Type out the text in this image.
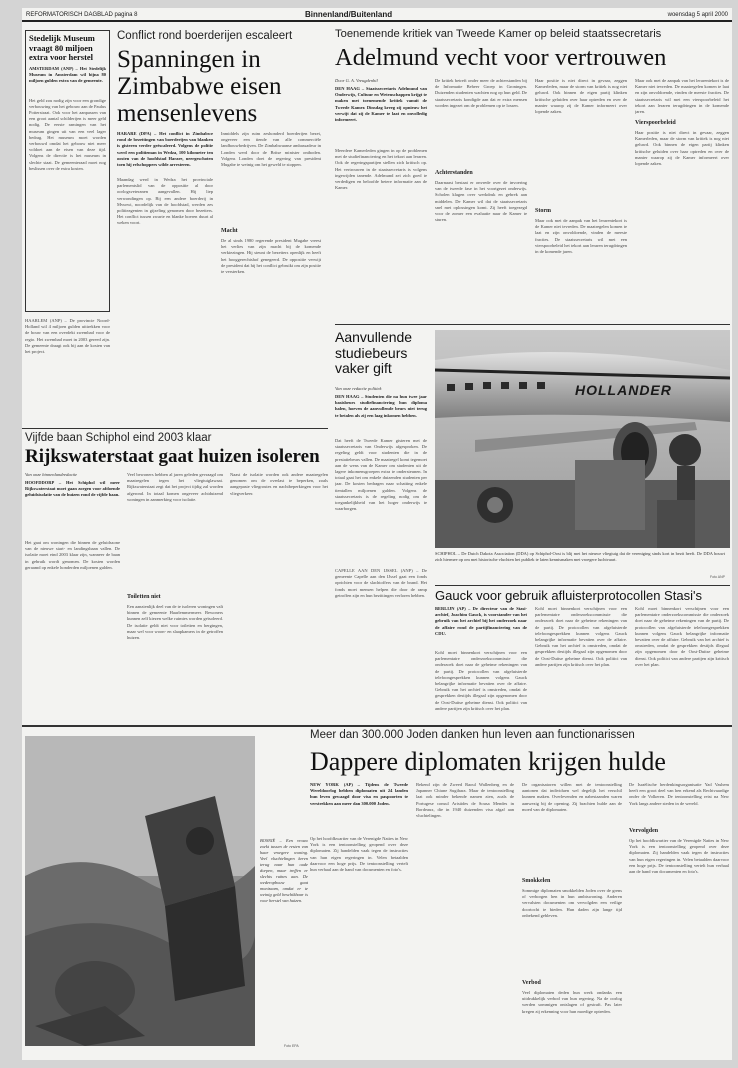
REFORMATORISCH DAGBLAD pagina 8	Binnenland/Buitenland	woensdag 5 april 2000
Stedelijk Museum vraagt 80 miljoen extra voor herstel
AMSTERDAM (ANP) – Het Stedelijk Museum in Amsterdam wil bijna 80 miljoen gulden extra van de gemeente.
Het geld zou nodig zijn voor een grondige verbouwing van het gebouw aan de Paulus Potterstraat. Ook voor het aanpassen van een groot aantal schilderijen is meer geld nodig. De eerste ramingen van het museum gingen uit van een veel lager bedrag. Het museum moet worden verbouwd omdat het gebouw niet meer voldoet aan de eisen van deze tijd. Volgens de directie is het museum in slechte staat. De gemeenteraad moet nog beslissen over de extra kosten.
HAARLEM (ANP) – De provincie Noord-Holland wil 4 miljoen gulden uittrekken voor de bouw van een overdekt zwembad voor de regio. Het zwembad moet in 2003 gereed zijn. De gemeente draagt ook bij aan de kosten van het project.
Conflict rond boerderijen escaleert
Spanningen in Zimbabwe eisen mensenlevens
HARARE (DPA) – Het conflict in Zimbabwe rond de bezettingen van boerderijen van blanken is gisteren verder geëscaleerd. Volgens de politie werd een politieman in Wedza, 100 kilometer ten oosten van de hoofdstad Harare, neergeschoten toen hij relschoppers wilde arresteren.
Maandag werd in Wedza het provinciale parlementslid van de oppositie al door oorlogsveteranen aangevallen. Hij liep verwondingen op. Bij een andere boerderij in Mvurwi, noordelijk van de hoofdstad, werden zes politieagenten in gijzeling genomen door bezetters. Het conflict tussen zwarte en blanke boeren duurt al weken voort.
Inmiddels zijn ruim zeshonderd boerderijen bezet, ongeveer een tiende van alle commerciële landbouwbedrijven. De Zimbabwaanse ambassadeur in Londen werd door de Britse minister ontboden. Volgens Londen doet de regering van president Mugabe te weinig om het geweld te stoppen.
Macht
De al sinds 1980 regerende president Mugabe vreest het verlies van zijn macht bij de komende verkiezingen. Hij steunt de bezetters openlijk en heeft het hooggerechtshof genegeerd. De oppositie verwijt de president dat hij het conflict gebruikt om zijn positie te versterken.
Toenemende kritiek van Tweede Kamer op beleid staatssecretaris
Adelmund vecht voor vertrouwen
Door G. A. Vreugdenhil
DEN HAAG – Staatssecretaris Adelmund van Onderwijs, Cultuur en Wetenschappen krijgt te maken met toenemende kritiek vanuit de Tweede Kamer. Dinsdag kreeg zij opnieuw het verwijt dat zij de Kamer te laat en onvolledig informeert.
Meerdere Kamerleden gingen in op de problemen met de studiefinanciering en het tekort aan leraren. Ook de regeringspartijen stellen zich kritisch op. Het vertrouwen in de staatssecretaris is volgens ingewijden tanende. Adelmund zei zich goed te verdedigen en beloofde betere informatie aan de Kamer.
De kritiek betreft onder meer de achterstanden bij de Informatie Beheer Groep in Groningen. Duizenden studenten wachten nog op hun geld. De staatssecretaris kondigde aan dat er extra mensen worden ingezet om de problemen op te lossen.
Achterstanden
Daarnaast bestaat er onvrede over de invoering van de tweede fase in het voortgezet onderwijs. Scholen klagen over werkdruk en gebrek aan middelen. De Kamer wil dat de staatssecretaris snel met oplossingen komt. Zij heeft toegezegd voor de zomer een evaluatie naar de Kamer te sturen.
Haar positie is niet direct in gevaar, zeggen Kamerleden, maar de storm van kritiek is nog niet geluwd. Ook binnen de eigen partij klinken kritische geluiden over haar optreden en over de manier waarop zij de Kamer informeert over lopende zaken.
Storm
Maar ook met de aanpak van het lerarentekort is de Kamer niet tevreden. De maatregelen komen te laat en zijn onvoldoende, vinden de meeste fracties. De staatssecretaris wil met een vierspoorbeleid het tekort aan leraren terugdringen in de komende jaren.
Vierspoorbeleid
Maar ook met de aanpak van het lerarentekort is de Kamer niet tevreden. De maatregelen komen te laat en zijn onvoldoende, vinden de meeste fracties. De staatssecretaris wil met een vierspoorbeleid het tekort aan leraren terugdringen in de komende jaren.
Haar positie is niet direct in gevaar, zeggen Kamerleden, maar de storm van kritiek is nog niet geluwd. Ook binnen de eigen partij klinken kritische geluiden over haar optreden en over de manier waarop zij de Kamer informeert over lopende zaken.
Aanvullende studiebeurs vaker gift
Van onze redactie politiek
DEN HAAG – Studenten die na hun twee jaar basisbeurs studiefinanciering hun diploma halen, hoeven de aanvullende beurs niet terug te betalen als zij een laag inkomen hebben.
Dat heeft de Tweede Kamer gisteren met de staatssecretaris van Onderwijs afgesproken. De regeling geldt voor studenten die in de prestatiebeurs vallen. De maatregel komt tegemoet aan de wens van de Kamer om studenten uit de lagere inkomensgroepen extra te ondersteunen. In totaal gaat het om enkele duizenden studenten per jaar. De kosten bedragen naar schatting enkele tientallen miljoenen gulden. Volgens de staatssecretaris is de regeling nodig om de toegankelijkheid van het hoger onderwijs te waarborgen.
HOLLANDER
SCHIPHOL – De Dutch Dakota Association (DDA) op Schiphol-Oost is blij met het nieuwe vliegtuig dat de vereniging sinds kort in bezit heeft. De DDA bouwt zich hiermee op om met historische vluchten het publiek te laten kennismaken met vroegere luchtvaart.
Foto ANP
CAPELLE AAN DEN IJSSEL (ANP) – De gemeente Capelle aan den IJssel gaat een fonds oprichten voor de slachtoffers van de brand. Het fonds moet mensen helpen die door de ramp getroffen zijn en hun bezittingen verloren hebben. Gauck voor gebruik afluisterprotocollen Stasi's
BERLIJN (AP) – De directeur van de Stasi-archief, Joachim Gauck, is voorstander van het gebruik van het archief bij het onderzoek naar de affaire rond de partijfinanciering van de CDU.
Kohl moet binnenkort verschijnen voor een parlementaire onderzoekscommissie die onderzoek doet naar de geheime rekeningen van de partij. De protocollen van afgeluisterde telefoongesprekken kunnen volgens Gauck belangrijke informatie bevatten over de affaire. Gebruik van het archief is omstreden, omdat de gesprekken destijds illegaal zijn opgenomen door de Oost-Duitse geheime dienst. Ook politici van andere partijen zijn kritisch over het plan.
Kohl moet binnenkort verschijnen voor een parlementaire onderzoekscommissie die onderzoek doet naar de geheime rekeningen van de partij. De protocollen van afgeluisterde telefoongesprekken kunnen volgens Gauck belangrijke informatie bevatten over de affaire. Gebruik van het archief is omstreden, omdat de gesprekken destijds illegaal zijn opgenomen door de Oost-Duitse geheime dienst. Ook politici van andere partijen zijn kritisch over het plan.
Kohl moet binnenkort verschijnen voor een parlementaire onderzoekscommissie die onderzoek doet naar de geheime rekeningen van de partij. De protocollen van afgeluisterde telefoongesprekken kunnen volgens Gauck belangrijke informatie bevatten over de affaire. Gebruik van het archief is omstreden, omdat de gesprekken destijds illegaal zijn opgenomen door de Oost-Duitse geheime dienst. Ook politici van andere partijen zijn kritisch over het plan.
Vijfde baan Schiphol eind 2003 klaar
Rijkswaterstaat gaat huizen isoleren
Van onze binnenlandredactie
HOOFDDORP – Het Schiphol wil meer Rijkswaterstaat moet gaan zorgen voor afdoende geluidsisolatie van de huizen rond de vijfde baan.
Het gaat om woningen die binnen de geluidszone van de nieuwe start- en landingsbaan vallen. De isolatie moet eind 2003 klaar zijn, wanneer de baan in gebruik wordt genomen. De kosten worden geraamd op enkele honderden miljoenen gulden.
Veel bewoners hebben al jaren geleden gevraagd om maatregelen tegen het vliegtuiglawaai. Rijkswaterstaat zegt dat het project tijdig zal worden afgerond. In totaal komen ongeveer achtduizend woningen in aanmerking voor isolatie.
Toiletten niet
Een aanzienlijk deel van de te isoleren woningen valt binnen de gemeente Haarlemmermeer. Bewoners kunnen zelf kiezen welke ruimtes worden geïsoleerd. De isolatie geldt niet voor toiletten en bergingen, maar wel voor woon- en slaapkamers in de getroffen huizen.
Naast de isolatie worden ook andere maatregelen genomen om de overlast te beperken, zoals aangepaste vliegroutes en nachtbeperkingen voor het vliegverkeer.
Meer dan 300.000 Joden danken hun leven aan functionarissen
Dappere diplomaten krijgen hulde
BOSNIË – Een vrouw zoekt tussen de resten van haar vroegere woning. Veel vluchtelingen keren terug naar hun oude dorpen, maar treffen er slechts ruïnes aan. De wederopbouw gaat moeizaam, omdat er te weinig geld beschikbaar is voor herstel van huizen.
Foto EPA
NEW YORK (AP) – Tijdens de Tweede Wereldoorlog hebben diplomaten uit 24 landen hun leven gewaagd door visa en paspoorten te verstrekken aan meer dan 300.000 Joden.
Op het hoofdkwartier van de Verenigde Naties in New York is een tentoonstelling geopend over deze diplomaten. Zij handelden vaak tegen de instructies van hun eigen regeringen in. Velen betaalden daarvoor een hoge prijs. De tentoonstelling vertelt hun verhaal aan de hand van documenten en foto's.
Bekend zijn de Zweed Raoul Wallenberg en de Japanner Chiune Sugihara. Maar de tentoonstelling laat ook minder bekende namen zien, zoals de Portugese consul Aristides de Sousa Mendes in Bordeaux, die in 1940 duizenden visa afgaf aan vluchtelingen.
De organisatoren willen met de tentoonstelling aantonen dat individuen wel degelijk het verschil kunnen maken. Overlevenden en nabestaanden waren aanwezig bij de opening. Zij brachten hulde aan de moed van de diplomaten.
Smokkelen
Sommige diplomaten smokkelden Joden over de grens of verborgen hen in hun ambtswoning. Anderen vervalsten documenten om vervolgden een veilige doortocht te bieden. Hun daden zijn lange tijd onbekend gebleven.
Verbod
Veel diplomaten deden hun werk ondanks een uitdrukkelijk verbod van hun regering. Na de oorlog werden sommigen ontslagen of gestraft. Pas later kregen zij erkenning voor hun moedige optreden.
De Israëlische herdenkingsorganisatie Yad Vashem heeft een groot deel van hen erkend als Rechtvaardige onder de Volkeren. De tentoonstelling reist na New York langs andere steden in de wereld.
Vervolgden
Op het hoofdkwartier van de Verenigde Naties in New York is een tentoonstelling geopend over deze diplomaten. Zij handelden vaak tegen de instructies van hun eigen regeringen in. Velen betaalden daarvoor een hoge prijs. De tentoonstelling vertelt hun verhaal aan de hand van documenten en foto's.
